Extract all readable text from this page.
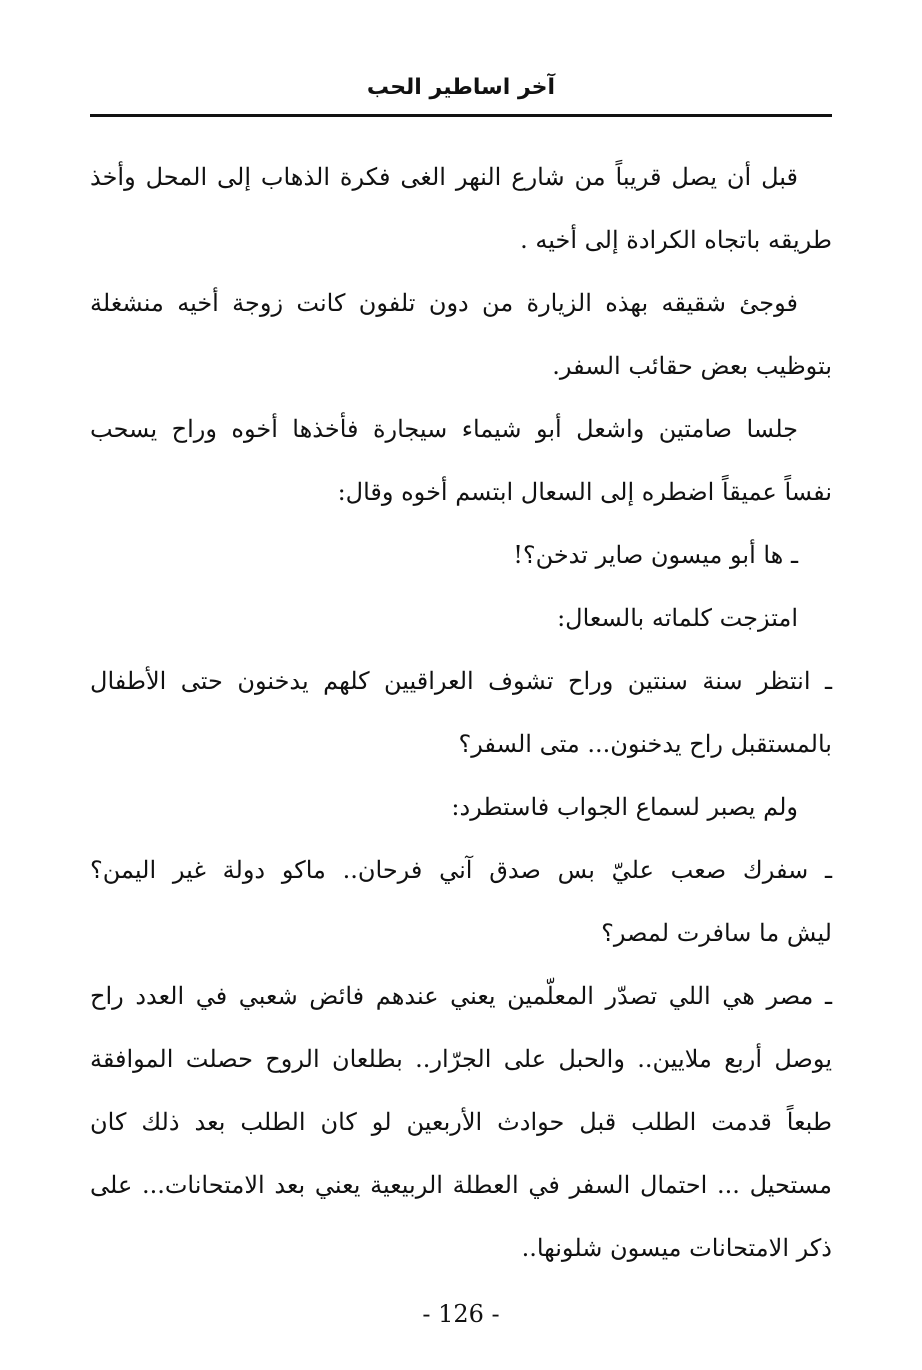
آخر اساطير الحب
قبل أن يصل قريباً من شارع النهر الغى فكرة الذهاب إلى المحل وأخذ
طريقه باتجاه الكرادة إلى أخيه .
فوجئ شقيقه بهذه الزيارة من دون تلفون كانت زوجة أخيه منشغلة
بتوظيب بعض حقائب السفر.
جلسا صامتين واشعل أبو شيماء سيجارة فأخذها أخوه وراح يسحب
نفساً عميقاً اضطره إلى السعال ابتسم أخوه وقال:
ـ ها أبو ميسون صاير تدخن؟!
امتزجت كلماته بالسعال:
ـ انتظر سنة سنتين وراح تشوف العراقيين كلهم يدخنون حتى الأطفال
بالمستقبل راح يدخنون... متى السفر؟
ولم يصبر لسماع الجواب فاستطرد:
ـ سفرك صعب عليّ بس صدق آني فرحان.. ماكو دولة غير اليمن؟
ليش ما سافرت لمصر؟
ـ مصر هي اللي تصدّر المعلّمين يعني عندهم فائض شعبي في العدد راح
يوصل أربع ملايين.. والحبل على الجرّار.. بطلعان الروح حصلت الموافقة
طبعاً قدمت الطلب قبل حوادث الأربعين لو كان الطلب بعد ذلك كان
مستحيل ... احتمال السفر في العطلة الربيعية يعني بعد الامتحانات... على
ذكر الامتحانات ميسون شلونها..
- 126 -
